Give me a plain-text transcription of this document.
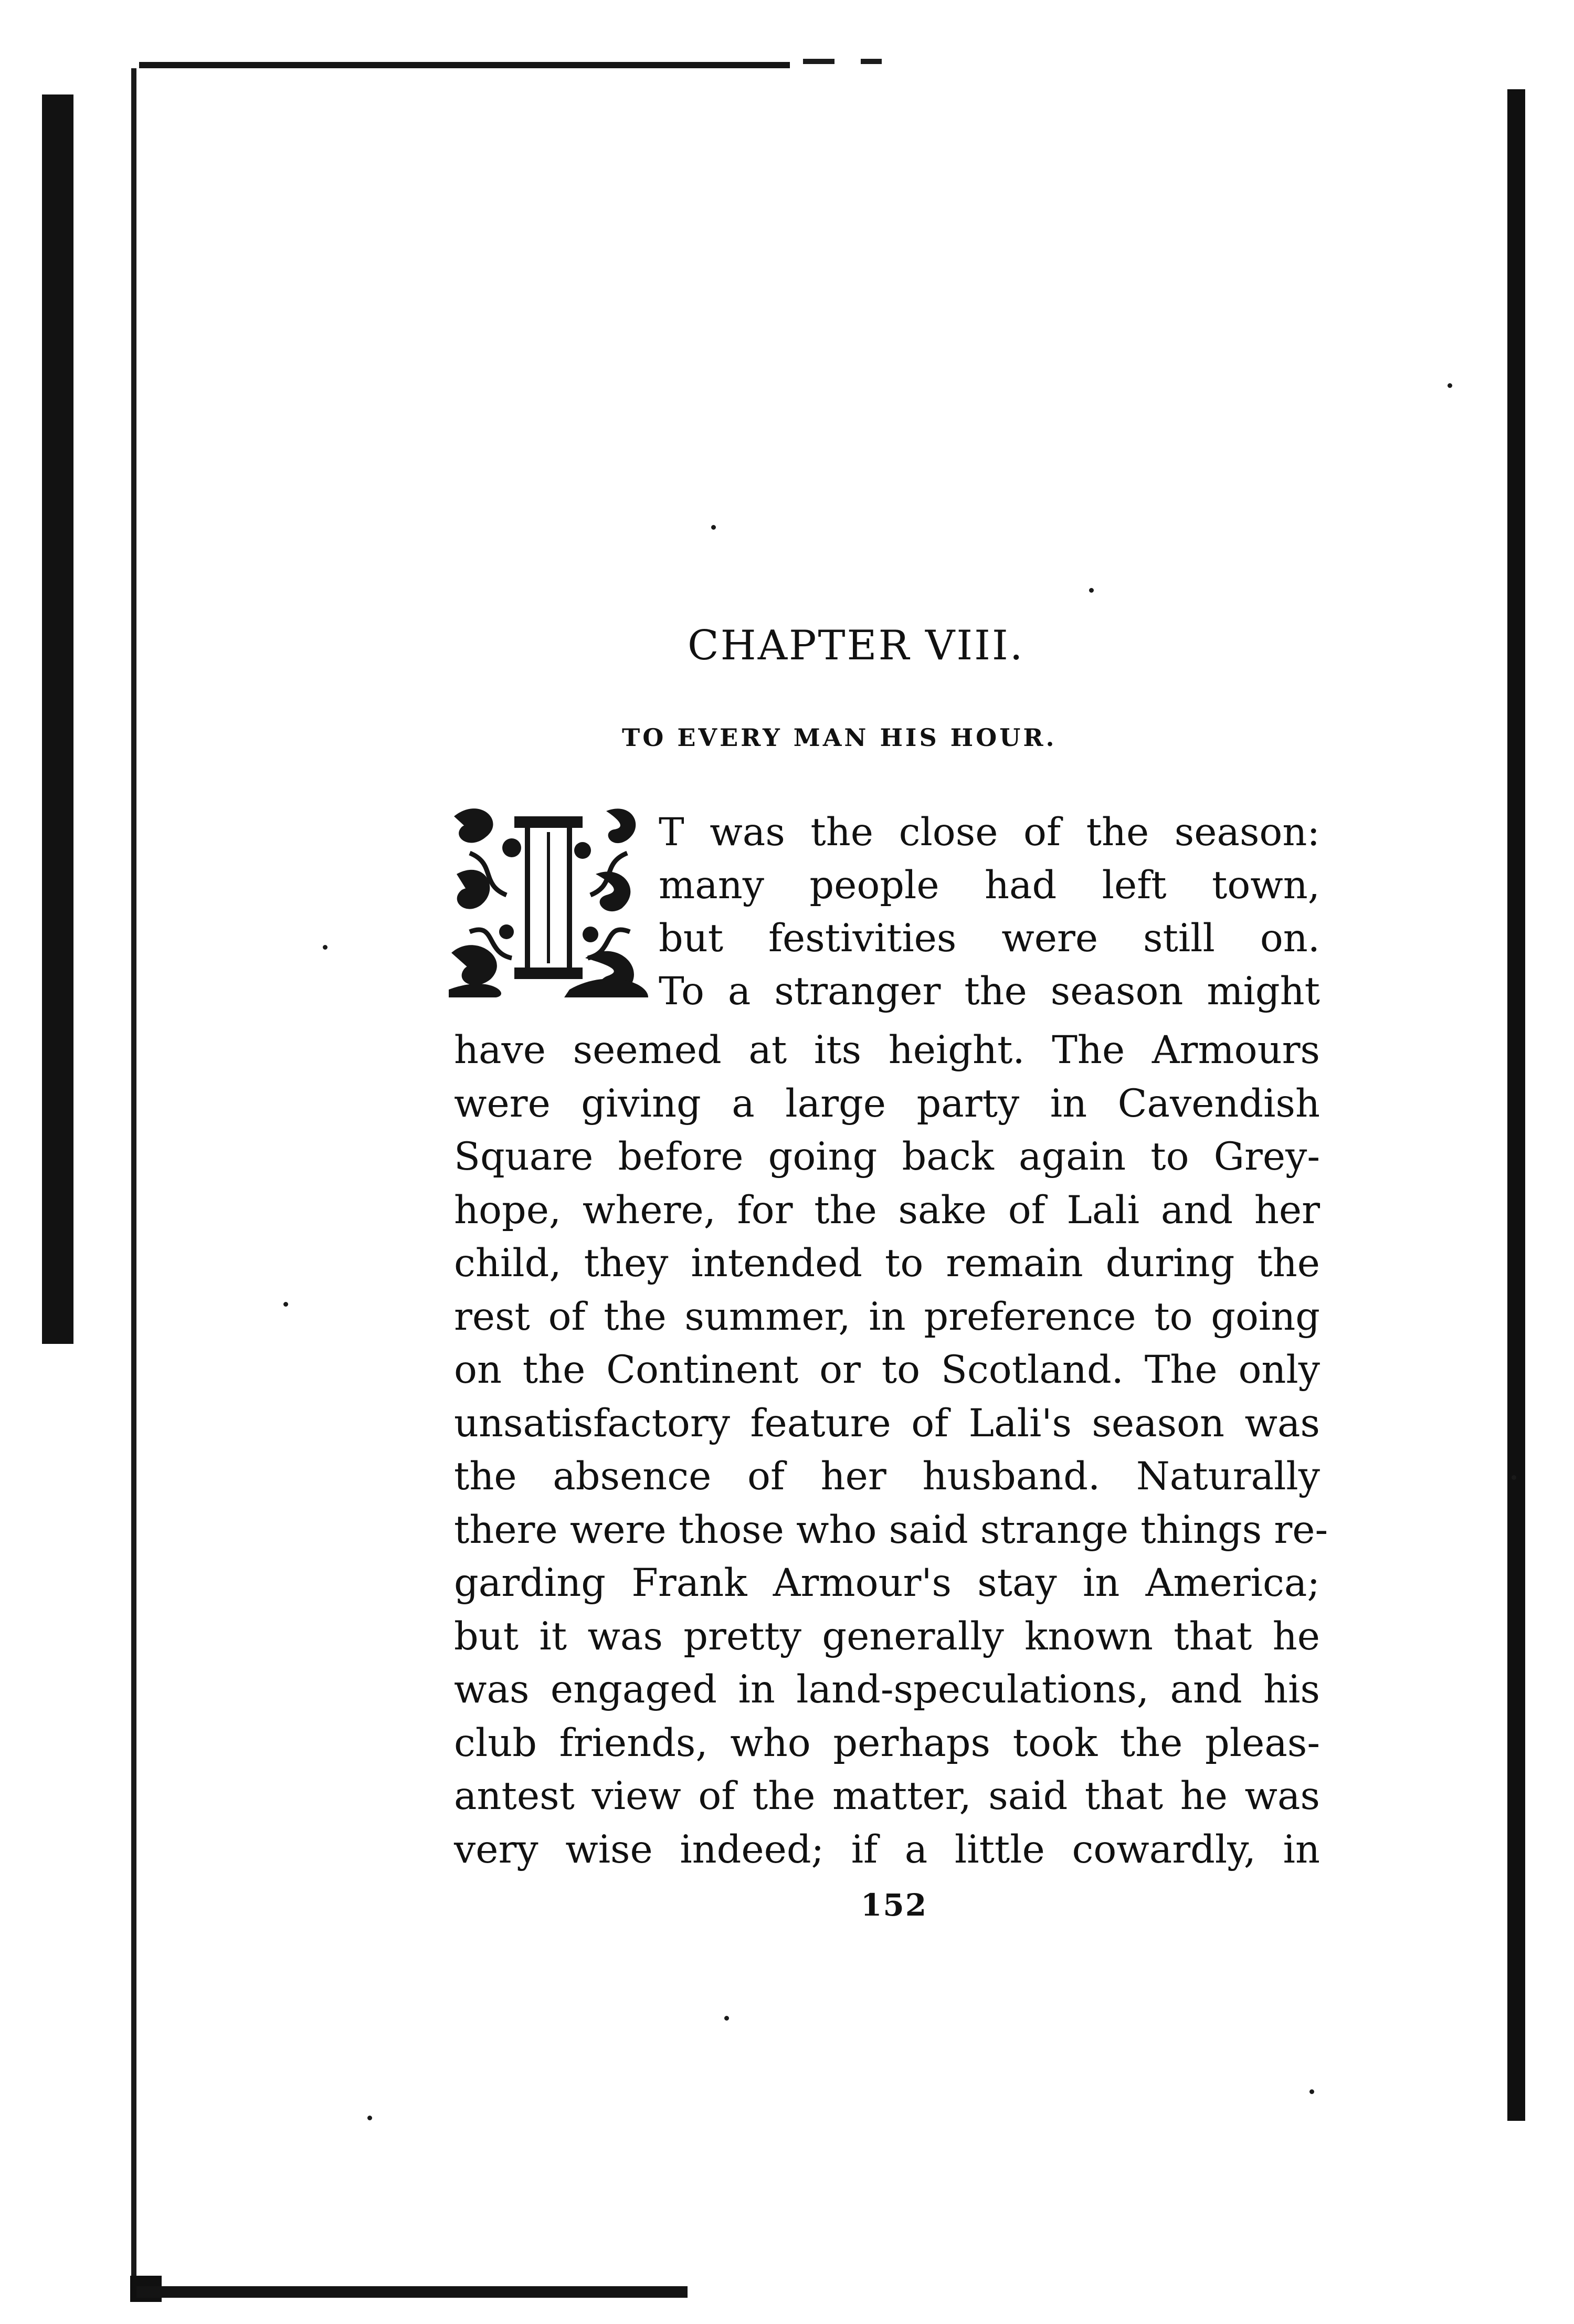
CHAPTER VIII.
TO EVERY MAN HIS HOUR.
T was the close of the season:
many people had left town,
but festivities were still on.
To a stranger the season might
have seemed at its height. The Armours
were giving a large party in Cavendish
Square before going back again to Grey-
hope, where, for the sake of Lali and her
child, they intended to remain during the
rest of the summer, in preference to going
on the Continent or to Scotland. The only
unsatisfactory feature of Lali's season was
the absence of her husband. Naturally
there were those who said strange things re-
garding Frank Armour's stay in America;
but it was pretty generally known that he
was engaged in land-speculations, and his
club friends, who perhaps took the pleas-
antest view of the matter, said that he was
very wise indeed; if a little cowardly, in
152
